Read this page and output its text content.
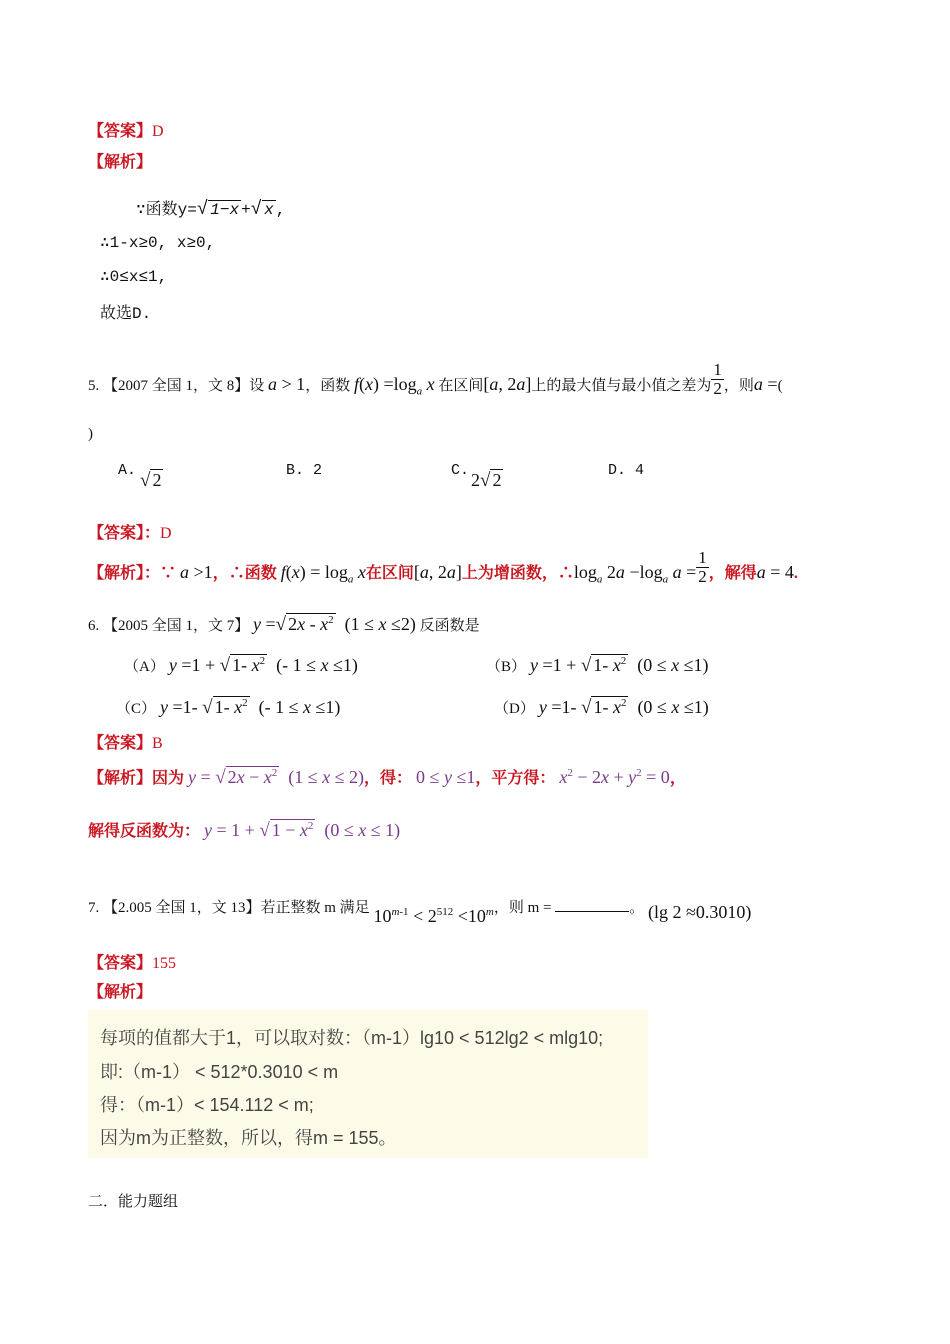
【答案】D
【解析】
∵函数y=√ 1−x +√ x ,
∴1-x≥0, x≥0,
∴0≤x≤1,
故选D.
5. 【2007 全国 1，文 8】设 a > 1，函数 $f(x) =\log_a$ x 在区间[a, 2a]上的最大值与最小值之差为 $\frac{1}{2}$ ，则a =(
)
A. √ 2	B. 2	C. 2√ 2	D. 4
【答案】：D
【解析】：∵ a >1，∴函数 $f(x) = \log_a x$在区间[a, 2a]上为增函数，$\therefore\log_a$ $2a -\log_a$ $a = \frac{1}{2}$ ，解得a = 4.
6. 【2005 全国 1，文 7】 y =√ $2x - x^2$  (1 ≤ x ≤2) 反函数是
（A） y =1 + √ 1- $x^2$  (- 1 ≤ x ≤1)	（B） y =1 + √ 1- $x^2$  (0 ≤ x ≤1)
（C） y =1- √ 1- $x^2$  (- 1 ≤ x ≤1)	（D） y =1- √ 1- $x^2$  (0 ≤ x ≤1)
【答案】B
【解析】因为 y = √ $2x - x^2$  (1 ≤ x ≤ 2)，得： 0 ≤ y ≤1，平方得： $x^2 - 2x + y^2 = 0$，
解得反函数为： y = 1 + √ $1 - x^2$  (0 ≤ x ≤ 1)
7. 【2.005 全国 1，文 13】若正整数 m 满足 $10^{m-1} < 2^{512} <10^m$，则 m =	。 (lg 2 ≈0.3010)
【答案】155
【解析】
每项的值都大于1，可以取对数：（m-1）lg10 < 512lg2 < mlg10;
即:（m-1） < 512*0.3010 < m
得：（m-1）< 154.112 < m;
因为m为正整数，所以，得m = 155。
二．能力题组
